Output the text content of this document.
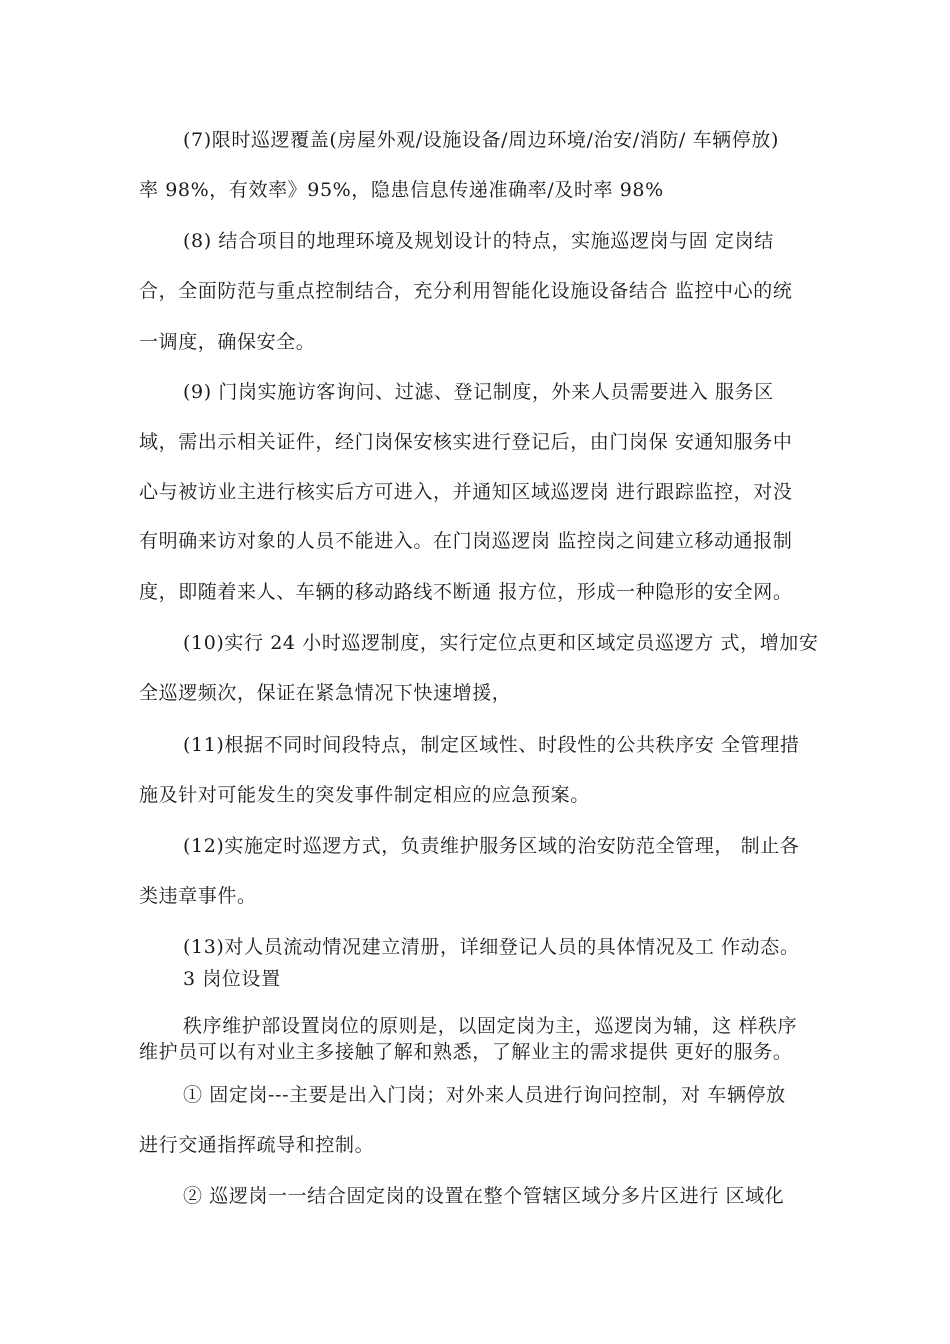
(7)限时巡逻覆盖(房屋外观/设施设备/周边环境/治安/消防/ 车辆停放)
率 98%，有效率》95%，隐患信息传递准确率/及时率 98%
(8) 结合项目的地理环境及规划设计的特点，实施巡逻岗与固 定岗结
合，全面防范与重点控制结合，充分利用智能化设施设备结合 监控中心的统
一调度，确保安全。
(9) 门岗实施访客询问、过滤、登记制度，外来人员需要进入 服务区
域，需出示相关证件，经门岗保安核实进行登记后，由门岗保 安通知服务中
心与被访业主进行核实后方可进入，并通知区域巡逻岗 进行跟踪监控，对没
有明确来访对象的人员不能进入。在门岗巡逻岗 监控岗之间建立移动通报制
度，即随着来人、车辆的移动路线不断通 报方位，形成一种隐形的安全网。
(10)实行 24 小时巡逻制度，实行定位点更和区域定员巡逻方 式，增加安
全巡逻频次，保证在紧急情况下快速增援，
(11)根据不同时间段特点，制定区域性、时段性的公共秩序安 全管理措
施及针对可能发生的突发事件制定相应的应急预案。
(12)实施定时巡逻方式，负责维护服务区域的治安防范全管理， 制止各
类违章事件。
(13)对人员流动情况建立清册，详细登记人员的具体情况及工 作动态。
3 岗位设置
秩序维护部设置岗位的原则是，以固定岗为主，巡逻岗为辅，这 样秩序
维护员可以有对业主多接触了解和熟悉，了解业主的需求提供 更好的服务。
① 固定岗---主要是出入门岗；对外来人员进行询问控制，对 车辆停放
进行交通指挥疏导和控制。
② 巡逻岗一一结合固定岗的设置在整个管辖区域分多片区进行 区域化
